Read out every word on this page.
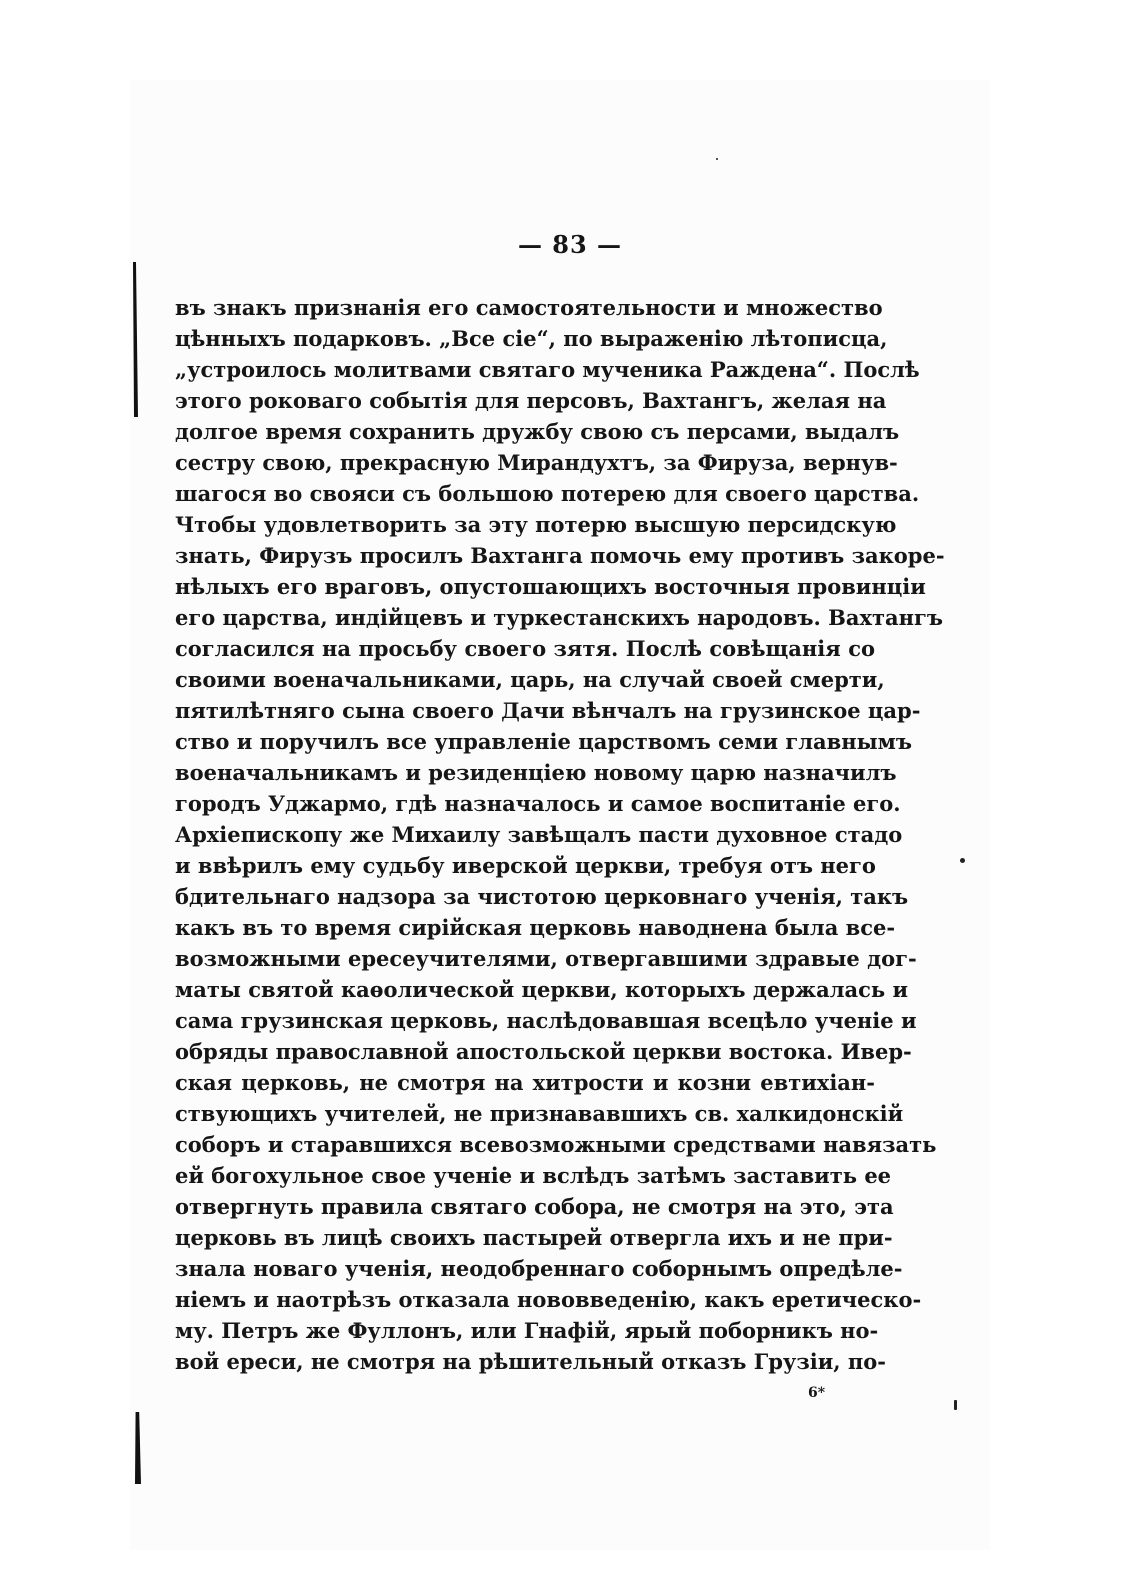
— 83 —
въ знакъ признанія его самостоятельности и множество
цѣнныхъ подарковъ. „Все сіе“, по выраженію лѣтописца,
„устроилось молитвами святаго мученика Раждена“. Послѣ
этого роковаго событія для персовъ, Вахтангъ, желая на
долгое время сохранить дружбу свою съ персами, выдалъ
сестру свою, прекрасную Мирандухтъ, за Фируза, вернув-
шагося во свояси съ большою потерею для своего царства.
Чтобы удовлетворить за эту потерю высшую персидскую
знать, Фирузъ просилъ Вахтанга помочь ему противъ закоре-
нѣлыхъ его враговъ, опустошающихъ восточныя провинціи
его царства, индійцевъ и туркестанскихъ народовъ. Вахтангъ
согласился на просьбу своего зятя. Послѣ совѣщанія со
своими военачальниками, царь, на случай своей смерти,
пятилѣтняго сына своего Дачи вѣнчалъ на грузинское цар-
ство и поручилъ все управленіе царствомъ семи главнымъ
военачальникамъ и резиденціею новому царю назначилъ
городъ Уджармо, гдѣ назначалось и самое воспитаніе его.
Архіепископу же Михаилу завѣщалъ пасти духовное стадо
и ввѣрилъ ему судьбу иверской церкви, требуя отъ него
бдительнаго надзора за чистотою церковнаго ученія, такъ
какъ въ то время сирійская церковь наводнена была все-
возможными ересеучителями, отвергавшими здравые дог-
маты святой каѳолической церкви, которыхъ держалась и
сама грузинская церковь, наслѣдовавшая всецѣло ученіе и
обряды православной апостольской церкви востока. Ивер-
ская церковь, не смотря на хитрости и козни евтихіан-
ствующихъ учителей, не признававшихъ св. халкидонскій
соборъ и старавшихся всевозможными средствами навязать
ей богохульное свое ученіе и вслѣдъ затѣмъ заставить ее
отвергнуть правила святаго собора, не смотря на это, эта
церковь въ лицѣ своихъ пастырей отвергла ихъ и не при-
знала новаго ученія, неодобреннаго соборнымъ опредѣле-
ніемъ и наотрѣзъ отказала нововведенію, какъ еретическо-
му. Петръ же Фуллонъ, или Гнафій, ярый поборникъ но-
вой ереси, не смотря на рѣшительный отказъ Грузіи, по-
6*
